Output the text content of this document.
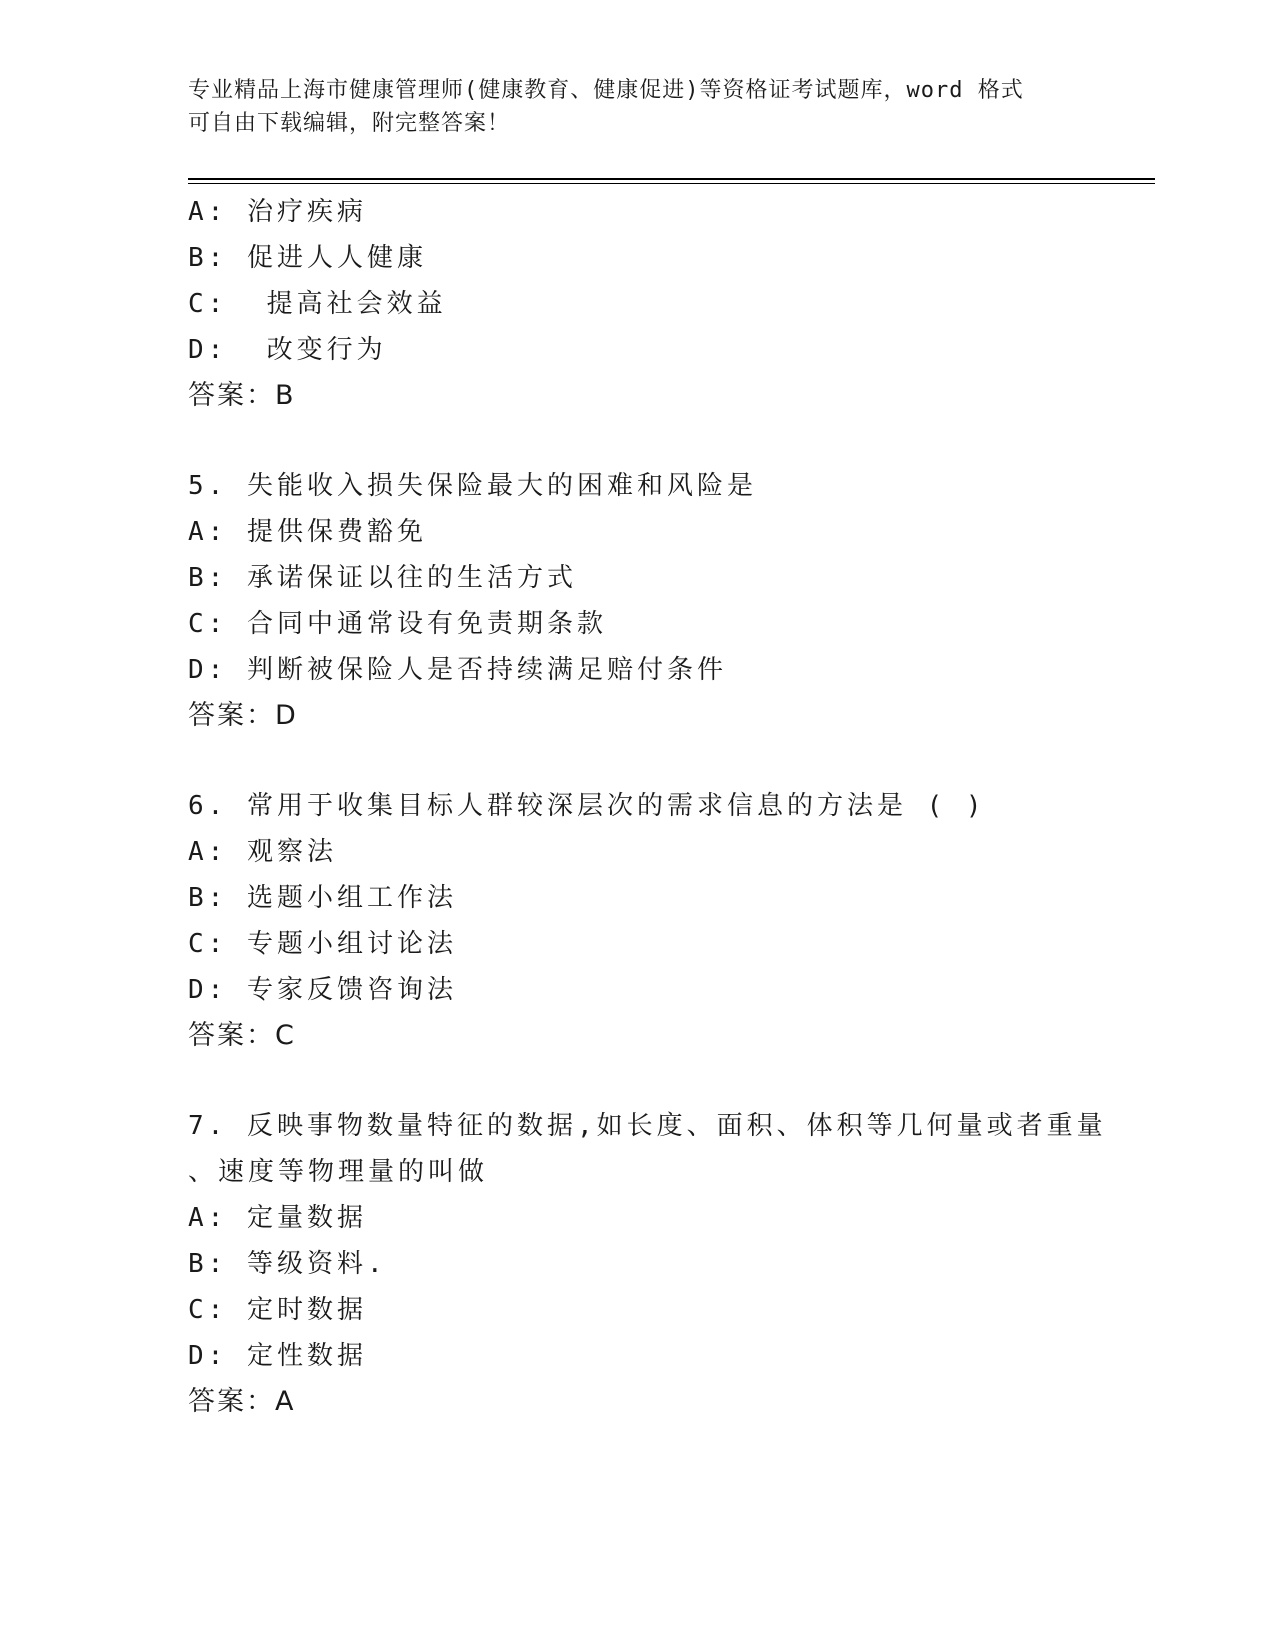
专业精品上海市健康管理师(健康教育、健康促进)等资格证考试题库，word 格式
可自由下载编辑，附完整答案！
A: 治疗疾病
B: 促进人人健康
C:  提高社会效益
D:  改变行为
答案：B
5. 失能收入损失保险最大的困难和风险是
A: 提供保费豁免
B: 承诺保证以往的生活方式
C: 合同中通常设有免责期条款
D: 判断被保险人是否持续满足赔付条件
答案：D
6. 常用于收集目标人群较深层次的需求信息的方法是 ( )
A: 观察法
B: 选题小组工作法
C: 专题小组讨论法
D: 专家反馈咨询法
答案：C
7. 反映事物数量特征的数据,如长度、面积、体积等几何量或者重量
、速度等物理量的叫做
A: 定量数据
B: 等级资料.
C: 定时数据
D: 定性数据
答案：A
